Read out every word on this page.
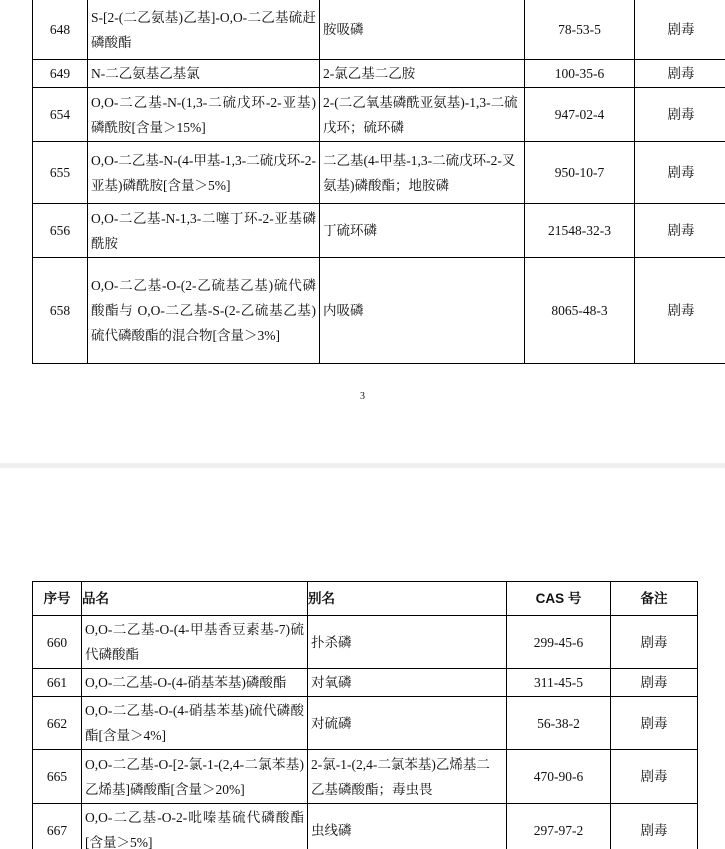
648	S-[2-(二乙氨基)乙基]-O,O-二乙基硫赶磷酸酯	胺吸磷	78-53-5	剧毒
649	N-二乙氨基乙基氯	2-氯乙基二乙胺	100-35-6	剧毒
654	O,O-二乙基-N-(1,3-二硫戊环-2-亚基)磷酰胺[含量＞15%]	2-(二乙氧基磷酰亚氨基)-1,3-二硫戊环；硫环磷	947-02-4	剧毒
655	O,O-二乙基-N-(4-甲基-1,3-二硫戊环-2-亚基)磷酰胺[含量＞5%]	二乙基(4-甲基-1,3-二硫戊环-2-叉氨基)磷酸酯；地胺磷	950-10-7	剧毒
656	O,O-二乙基-N-1,3-二噻丁环-2-亚基磷酰胺	丁硫环磷	21548-32-3	剧毒
658	O,O-二乙基-O-(2-乙硫基乙基)硫代磷酸酯与 O,O-二乙基-S-(2-乙硫基乙基)硫代磷酸酯的混合物[含量＞3%]	内吸磷	8065-48-3	剧毒
3
序号	品名	别名	CAS 号	备注
660	O,O-二乙基-O-(4-甲基香豆素基-7)硫代磷酸酯	扑杀磷	299-45-6	剧毒
661	O,O-二乙基-O-(4-硝基苯基)磷酸酯	对氧磷	311-45-5	剧毒
662	O,O-二乙基-O-(4-硝基苯基)硫代磷酸酯[含量＞4%]	对硫磷	56-38-2	剧毒
665	O,O-二乙基-O-[2-氯-1-(2,4-二氯苯基)乙烯基]磷酸酯[含量＞20%]	2-氯-1-(2,4-二氯苯基)乙烯基二乙基磷酸酯；毒虫畏	470-90-6	剧毒
667	O,O-二乙基-O-2-吡嗪基硫代磷酸酯[含量＞5%]	虫线磷	297-97-2	剧毒
